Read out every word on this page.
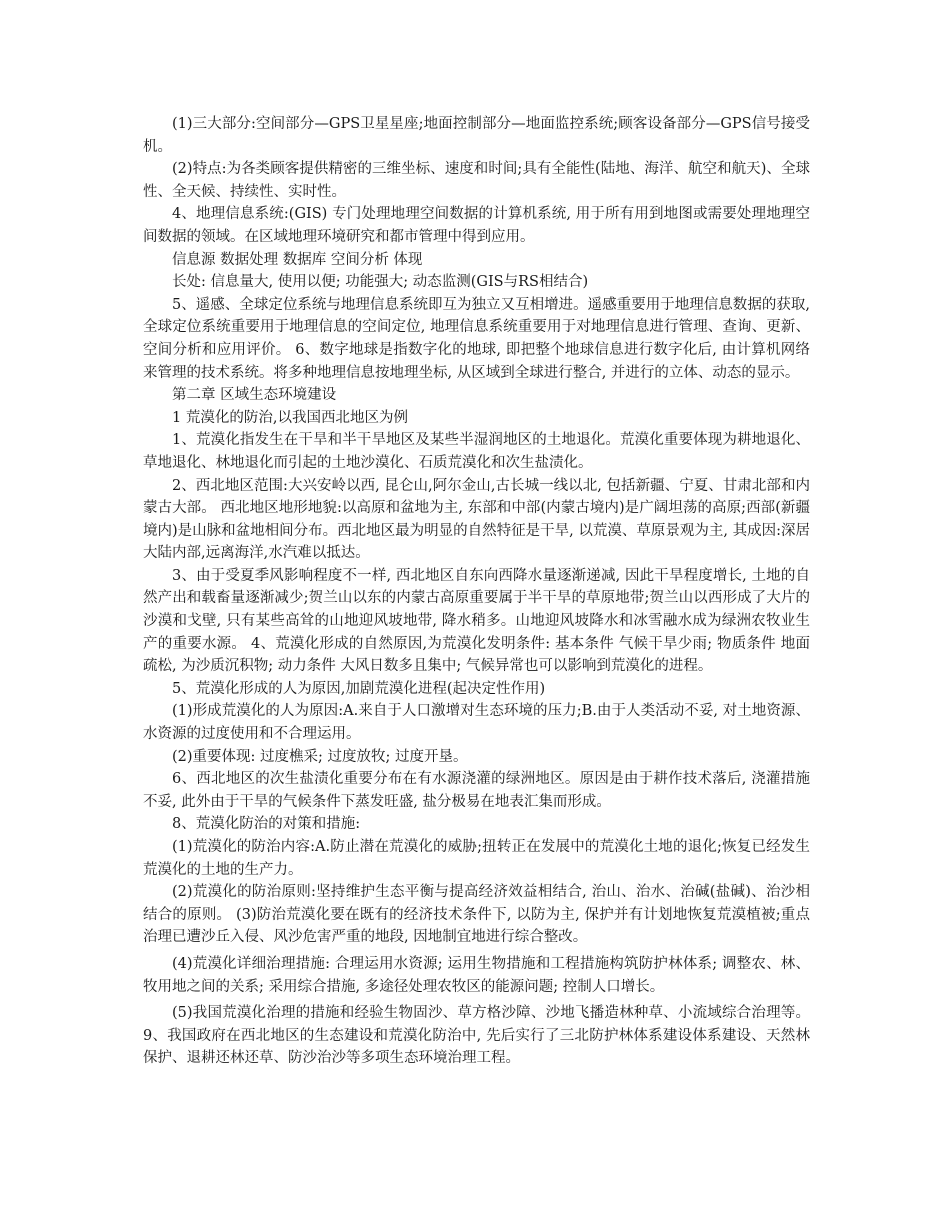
(1)三大部分:空间部分—GPS卫星星座;地面控制部分—地面监控系统;顾客设备部分—GPS信号接受机。

(2)特点:为各类顾客提供精密的三维坐标、速度和时间;具有全能性(陆地、海洋、航空和航天)、全球性、全天候、持续性、实时性。

4、地理信息系统:(GIS) 专门处理地理空间数据的计算机系统, 用于所有用到地图或需要处理地理空间数据的领域。在区域地理环境研究和都市管理中得到应用。

信息源 数据处理 数据库 空间分析 体现

长处: 信息量大, 使用以便; 功能强大; 动态监测(GIS与RS相结合)

5、遥感、全球定位系统与地理信息系统即互为独立又互相增进。遥感重要用于地理信息数据的获取, 全球定位系统重要用于地理信息的空间定位, 地理信息系统重要用于对地理信息进行管理、查询、更新、空间分析和应用评价。 6、数字地球是指数字化的地球, 即把整个地球信息进行数字化后, 由计算机网络来管理的技术系统。将多种地理信息按地理坐标, 从区域到全球进行整合, 并进行的立体、动态的显示。

第二章 区域生态环境建设

1 荒漠化的防治,以我国西北地区为例

1、荒漠化指发生在干旱和半干旱地区及某些半湿润地区的土地退化。荒漠化重要体现为耕地退化、草地退化、林地退化而引起的土地沙漠化、石质荒漠化和次生盐渍化。

2、西北地区范围:大兴安岭以西, 昆仑山,阿尔金山,古长城一线以北, 包括新疆、宁夏、甘肃北部和内蒙古大部。 西北地区地形地貌:以高原和盆地为主, 东部和中部(内蒙古境内)是广阔坦荡的高原;西部(新疆境内)是山脉和盆地相间分布。西北地区最为明显的自然特征是干旱, 以荒漠、草原景观为主, 其成因:深居大陆内部,远离海洋,水汽难以抵达。

3、由于受夏季风影响程度不一样, 西北地区自东向西降水量逐渐递减, 因此干旱程度增长, 土地的自然产出和载畜量逐渐减少;贺兰山以东的内蒙古高原重要属于半干旱的草原地带;贺兰山以西形成了大片的沙漠和戈壁, 只有某些高耸的山地迎风坡地带, 降水稍多。山地迎风坡降水和冰雪融水成为绿洲农牧业生产的重要水源。 4、荒漠化形成的自然原因,为荒漠化发明条件: 基本条件 气候干旱少雨; 物质条件 地面疏松, 为沙质沉积物; 动力条件 大风日数多且集中; 气候异常也可以影响到荒漠化的进程。

5、荒漠化形成的人为原因,加剧荒漠化进程(起决定性作用)

(1)形成荒漠化的人为原因:A.来自于人口激增对生态环境的压力;B.由于人类活动不妥, 对土地资源、水资源的过度使用和不合理运用。

(2)重要体现: 过度樵采; 过度放牧; 过度开垦。

6、西北地区的次生盐渍化重要分布在有水源浇灌的绿洲地区。原因是由于耕作技术落后, 浇灌措施不妥, 此外由于干旱的气候条件下蒸发旺盛, 盐分极易在地表汇集而形成。

8、荒漠化防治的对策和措施:

(1)荒漠化的防治内容:A.防止潜在荒漠化的威胁;扭转正在发展中的荒漠化土地的退化;恢复已经发生荒漠化的土地的生产力。

(2)荒漠化的防治原则:坚持维护生态平衡与提高经济效益相结合, 治山、治水、治碱(盐碱)、治沙相结合的原则。 (3)防治荒漠化要在既有的经济技术条件下, 以防为主, 保护并有计划地恢复荒漠植被;重点治理已遭沙丘入侵、风沙危害严重的地段, 因地制宜地进行综合整改。

(4)荒漠化详细治理措施: 合理运用水资源; 运用生物措施和工程措施构筑防护林体系; 调整农、林、牧用地之间的关系; 采用综合措施, 多途径处理农牧区的能源问题; 控制人口增长。

(5)我国荒漠化治理的措施和经验生物固沙、草方格沙障、沙地飞播造林种草、小流域综合治理等。 9、我国政府在西北地区的生态建设和荒漠化防治中, 先后实行了三北防护林体系建设体系建设、天然林保护、退耕还林还草、防沙治沙等多项生态环境治理工程。
